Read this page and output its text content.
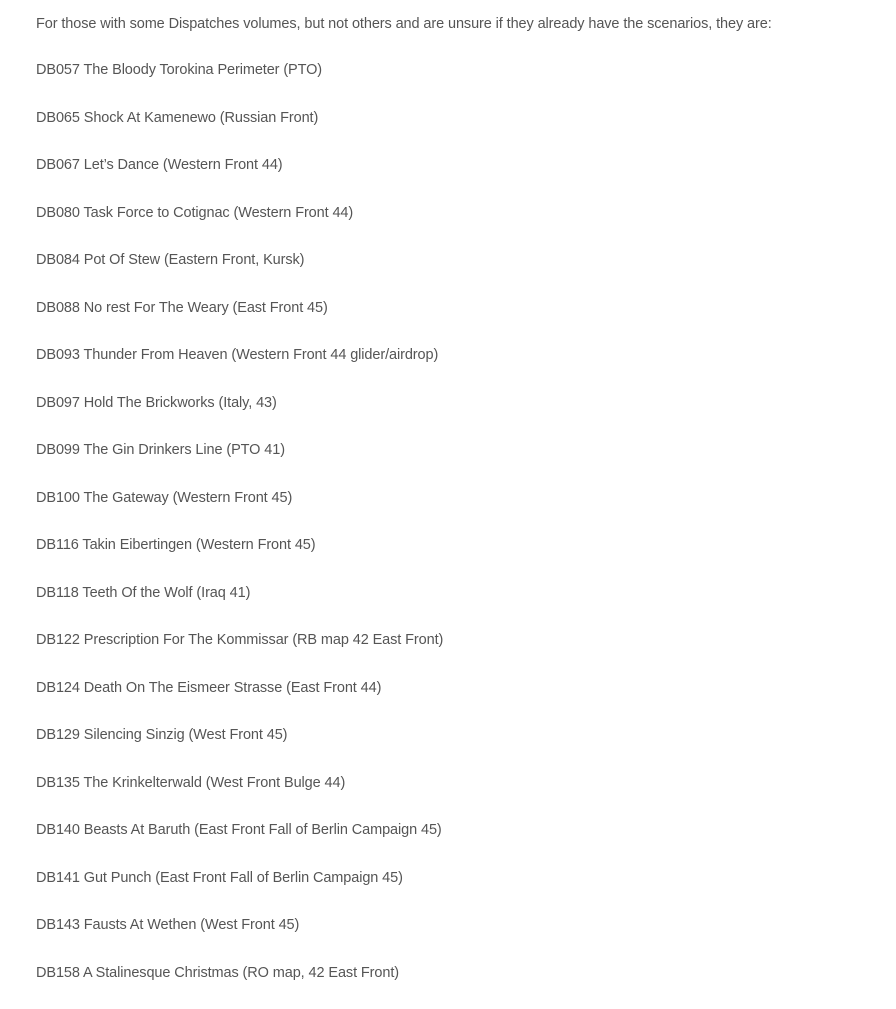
For those with some Dispatches volumes, but not others and are unsure if they already have the scenarios, they are:

DB057 The Bloody Torokina Perimeter (PTO)
DB065 Shock At Kamenewo (Russian Front)
DB067 Let’s Dance (Western Front 44)
DB080 Task Force to Cotignac (Western Front 44)
DB084 Pot Of Stew (Eastern Front, Kursk)
DB088 No rest For The Weary (East Front 45)
DB093 Thunder From Heaven (Western Front 44 glider/airdrop)
DB097 Hold The Brickworks (Italy, 43)
DB099 The Gin Drinkers Line (PTO 41)
DB100 The Gateway (Western Front 45)
DB116 Takin Eibertingen (Western Front 45)
DB118 Teeth Of the Wolf (Iraq 41)
DB122 Prescription For The Kommissar (RB map 42 East Front)
DB124 Death On The Eismeer Strasse (East Front 44)
DB129 Silencing Sinzig (West Front 45)
DB135 The Krinkelterwald (West Front Bulge 44)
DB140 Beasts At Baruth (East Front Fall of Berlin Campaign 45)
DB141 Gut Punch (East Front Fall of Berlin Campaign 45)
DB143 Fausts At Wethen (West Front 45)
DB158 A Stalinesque Christmas (RO map, 42 East Front)
